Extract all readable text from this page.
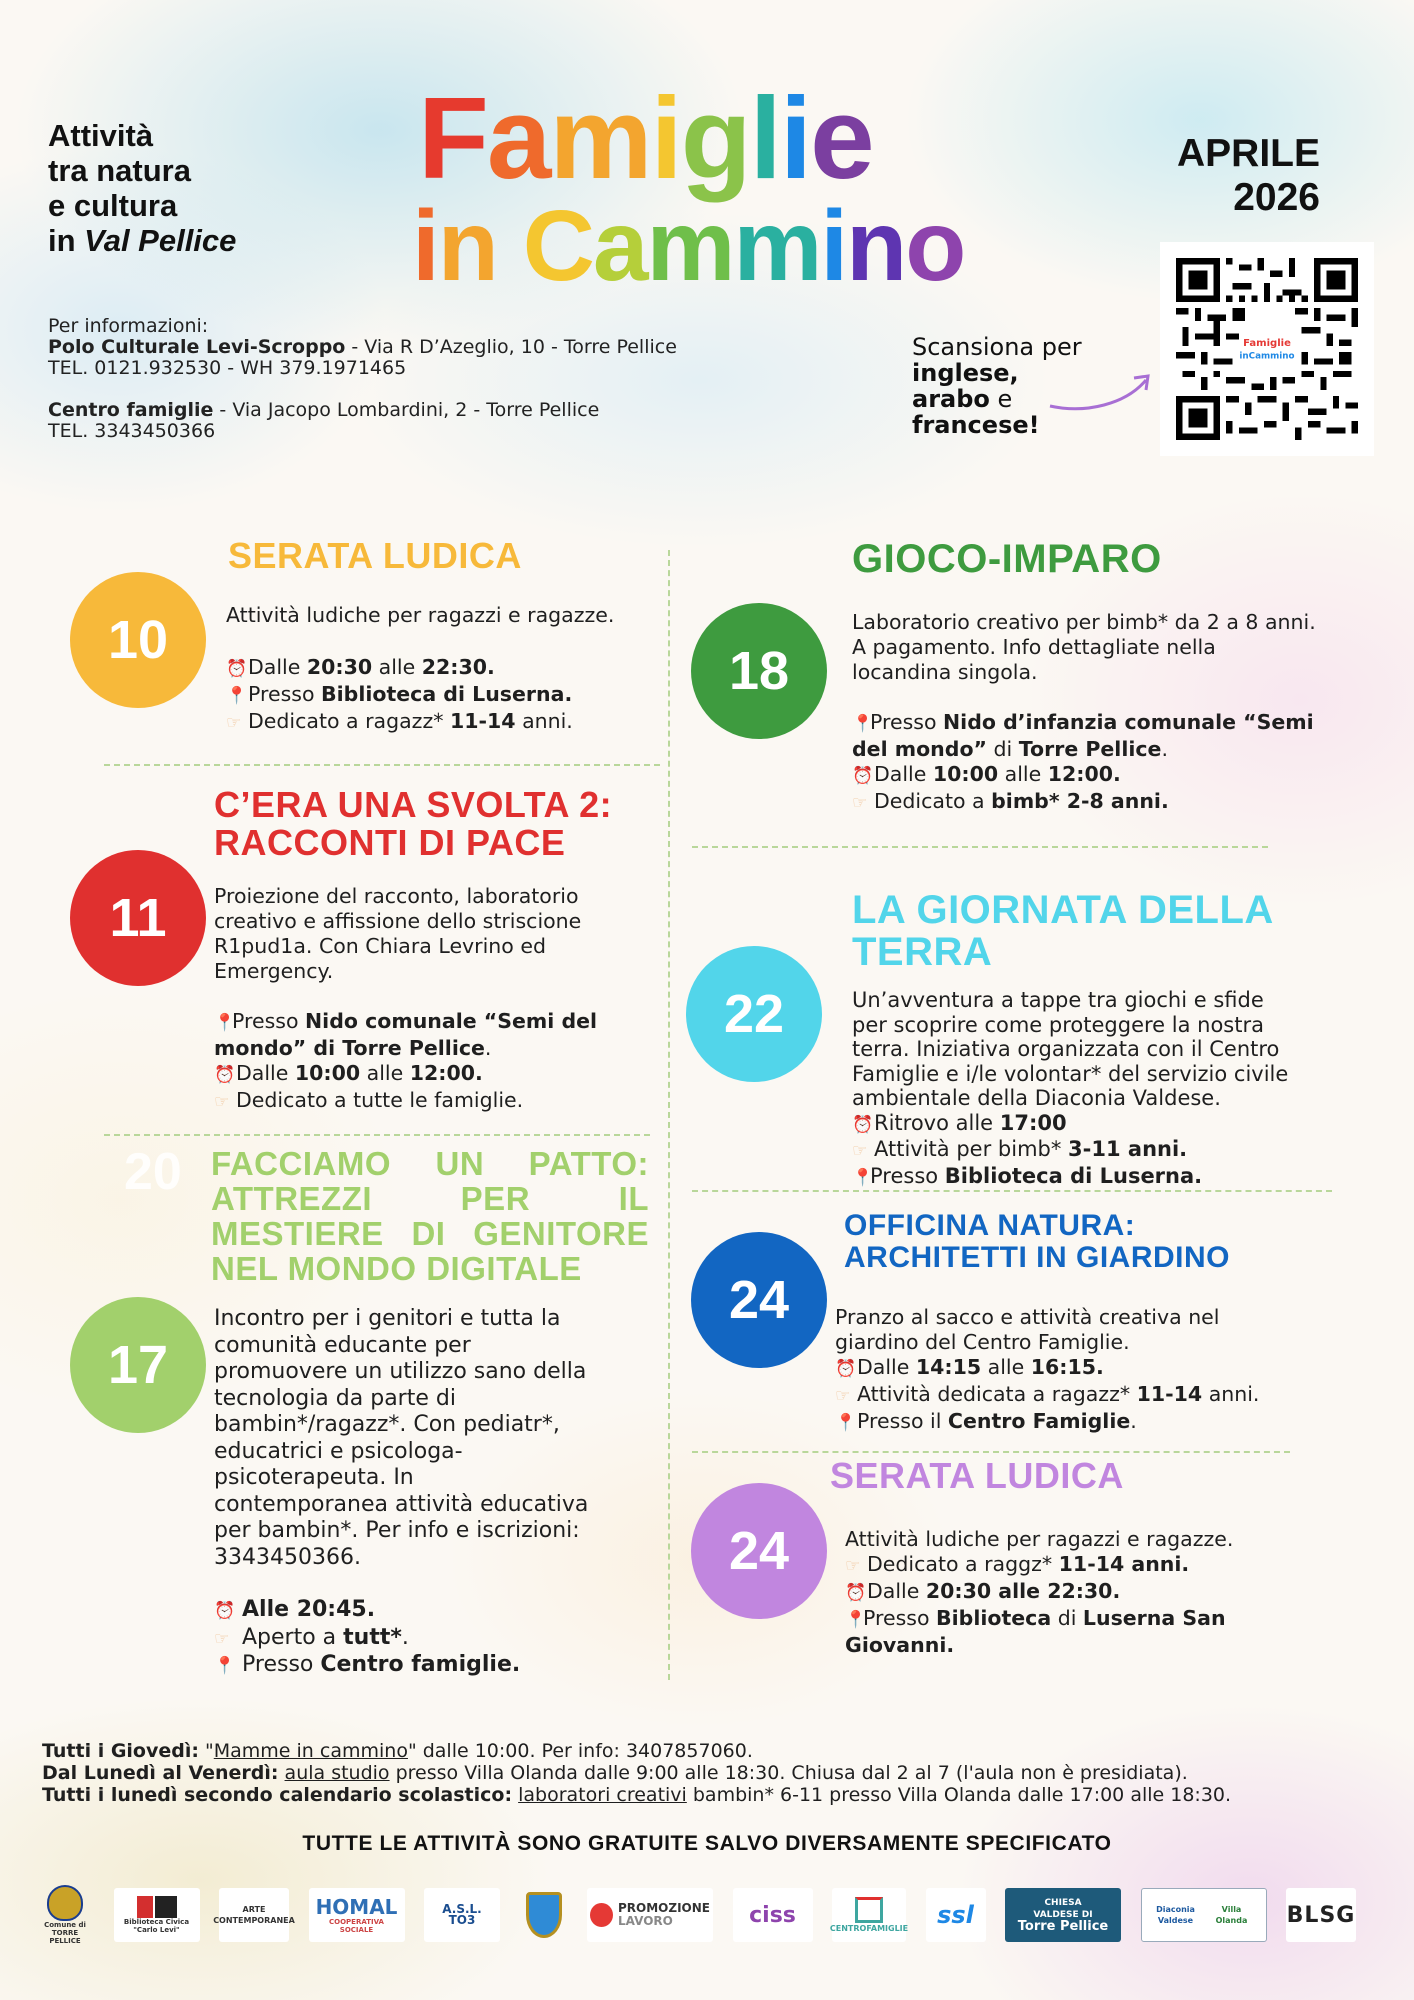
Attività
tra natura
e cultura
in Val Pellice
Famiglie
in Cammino
APRILE
2026

Per informazioni:

Polo Culturale Levi-Scroppo - Via R D’Azeglio, 10 - Torre Pellice

TEL. 0121.932530 - WH 379.1971465

Centro famiglie - Via Jacopo Lombardini, 2 - Torre Pellice

TEL. 3343450366

Scansiona per
inglese,
arabo e
francese!
Famiglie
inCammino
SERATA LUDICA
10	Attività ludiche per ragazzi e ragazze.

⏰Dalle 20:30 alle 22:30.

📍Presso Biblioteca di Luserna.

☞ Dedicato a ragazz* 11-14 anni.

C’ERA UNA SVOLTA 2:
RACCONTI DI PACE
11	Proiezione del racconto, laboratorio

creativo e affissione dello striscione

R1pud1a. Con Chiara Levrino ed

Emergency.

📍Presso Nido comunale “Semi del

mondo” di Torre Pellice.

⏰Dalle 10:00 alle 12:00.

☞ Dedicato a tutte le famiglie.

20 FACCIAMO UN PATTO:
ATTREZZI PER IL
MESTIERE DI GENITORE
NEL MONDO DIGITALE
17

Incontro per i genitori e tutta la

comunità educante per

promuovere un utilizzo sano della

tecnologia da parte di

bambin*/ragazz*. Con pediatr*,

educatrici e psicologa-

psicoterapeuta. In

contemporanea attività educativa

per bambin*. Per info e iscrizioni:

3343450366.

⏰ Alle 20:45.

☞ Aperto a tutt*.

📍 Presso Centro famiglie.

GIOCO-IMPARO
18

Laboratorio creativo per bimb* da 2 a 8 anni.

A pagamento. Info dettagliate nella

locandina singola.

📍Presso Nido d’infanzia comunale “Semi

del mondo” di Torre Pellice.

⏰Dalle 10:00 alle 12:00.

☞ Dedicato a bimb* 2-8 anni.

LA GIORNATA DELLA
TERRA
22	Un’avventura a tappe tra giochi e sfide

per scoprire come proteggere la nostra

terra. Iniziativa organizzata con il Centro

Famiglie e i/le volontar* del servizio civile

ambientale della Diaconia Valdese.

⏰Ritrovo alle 17:00

☞ Attività per bimb* 3-11 anni.

📍Presso Biblioteca di Luserna.

OFFICINA NATURA:
ARCHITETTI IN GIARDINO
24	Pranzo al sacco e attività creativa nel

giardino del Centro Famiglie.

⏰Dalle 14:15 alle 16:15.

☞ Attività dedicata a ragazz* 11-14 anni.

📍Presso il Centro Famiglie.

SERATA LUDICA
24	Attività ludiche per ragazzi e ragazze.

☞ Dedicato a raggz* 11-14 anni.

⏰Dalle 20:30 alle 22:30.

📍Presso Biblioteca di Luserna San

Giovanni.

Tutti i Giovedì: "Mamme in cammino" dalle 10:00. Per info: 3407857060.

Dal Lunedì al Venerdì: aula studio presso Villa Olanda dalle 9:00 alle 18:30. Chiusa dal 2 al 7 (l'aula non è presidiata).

Tutti i lunedì secondo calendario scolastico: laboratori creativi bambin* 6-11 presso Villa Olanda dalle 17:00 alle 18:30.

TUTTE LE ATTIVITÀ SONO GRATUITE SALVO DIVERSAMENTE SPECIFICATO
Comune di TORRE PELLICE
Biblioteca Civica "Carlo Levi"
ARTE CONTEMPORANEA
HOMAL
COOPERATIVA SOCIALE
A.S.L. TO3
PROMOZIONE
LAVORO	ciss
CENTROFAMIGLIE	ssl	CHIESA
VALDESE DI
Torre Pellice
Diaconia Valdese
Villa Olanda	BLSG
